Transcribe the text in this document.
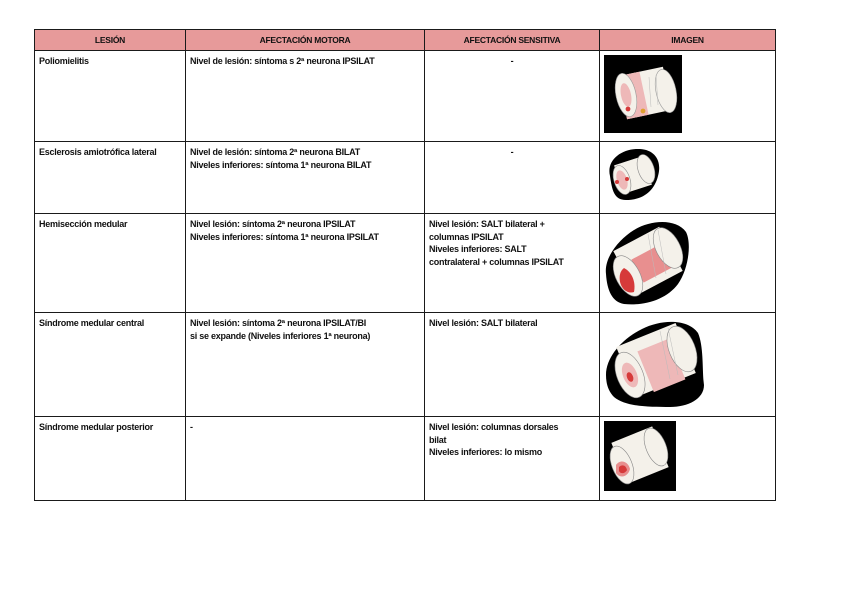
LESIÓN	AFECTACIÓN MOTORA	AFECTACIÓN SENSITIVA	IMAGEN
Poliomielitis	Nivel de lesión: síntoma s 2ª neurona IPSILAT	-

Esclerosis amiotrófica lateral	Nivel de lesión: síntoma 2ª neurona BILAT
Niveles inferiores: síntoma 1ª neurona BILAT	-

Hemisección medular	Nivel lesión: síntoma 2ª neurona IPSILAT
Niveles inferiores: síntoma 1ª neurona IPSILAT	Nivel lesión: SALT bilateral +
columnas IPSILAT
Niveles inferiores: SALT
contralateral + columnas IPSILAT

Síndrome medular central	Nivel lesión: síntoma 2ª neurona IPSILAT/BI
si se expande (Niveles inferiores 1ª neurona)	Nivel lesión: SALT bilateral

Síndrome medular posterior	-	Nivel lesión: columnas dorsales
bilat
Niveles inferiores: lo mismo
